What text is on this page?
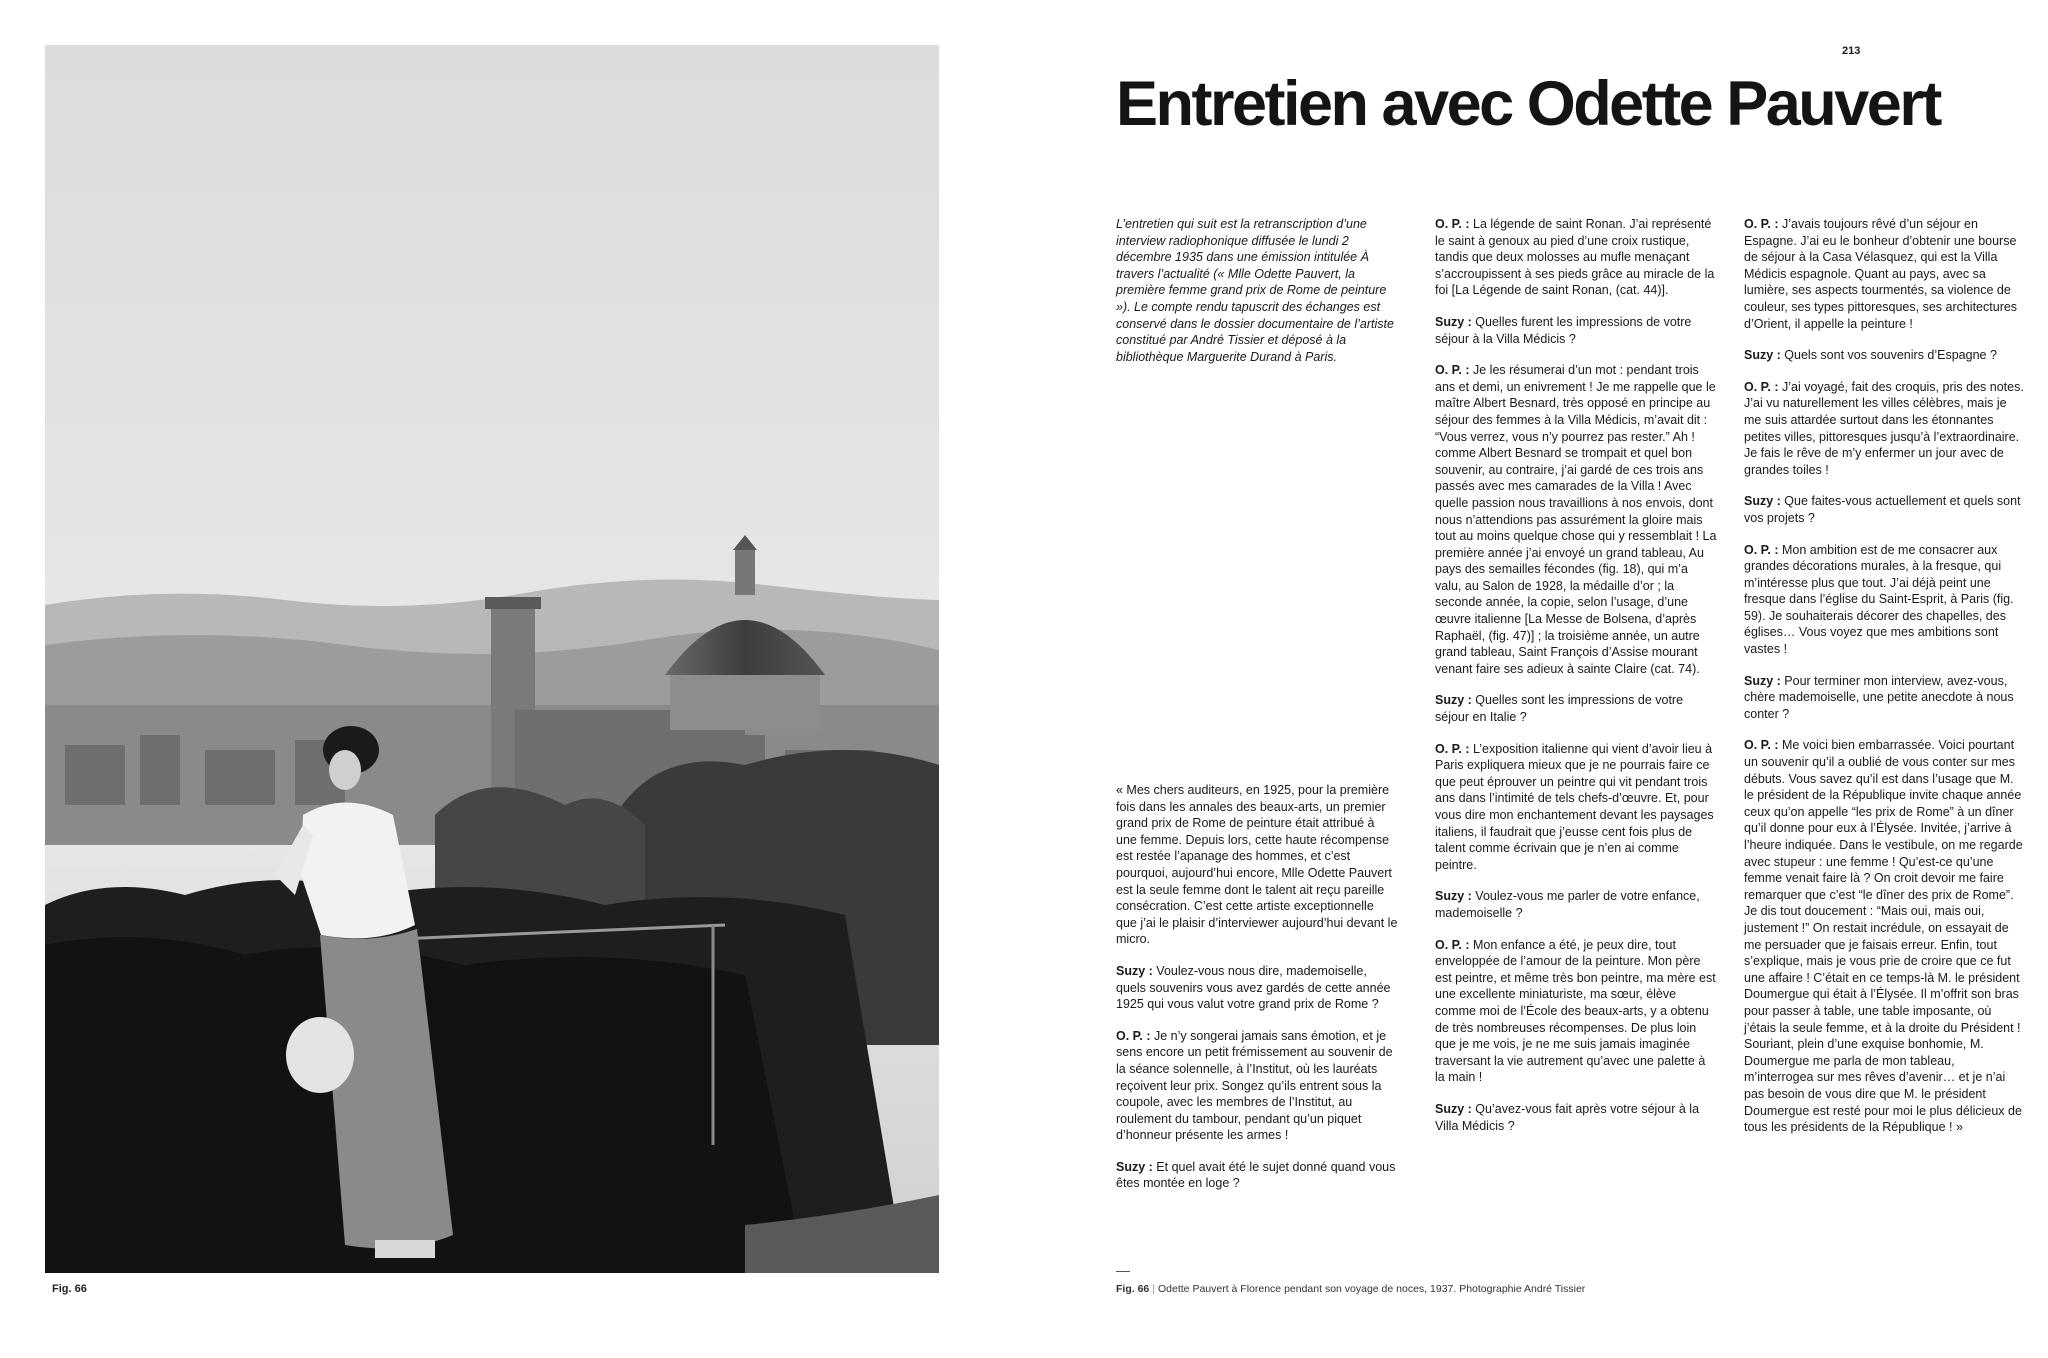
Fig. 66
213
Entretien avec Odette Pauvert

L’entretien qui suit est la retranscription d’une interview radiophonique diffusée le lundi 2 décembre 1935 dans une émission intitulée À travers l’actualité (« Mlle Odette Pauvert, la première femme grand prix de Rome de peinture »). Le compte rendu tapuscrit des échanges est conservé dans le dossier documentaire de l’artiste constitué par André Tissier et déposé à la bibliothèque Marguerite Durand à Paris.

« Mes chers auditeurs, en 1925, pour la première fois dans les annales des beaux-arts, un premier grand prix de Rome de peinture était attribué à une femme. Depuis lors, cette haute récompense est restée l’apanage des hommes, et c’est pourquoi, aujourd’hui encore, Mlle Odette Pauvert est la seule femme dont le talent ait reçu pareille consécration. C’est cette artiste exceptionnelle que j’ai le plaisir d’interviewer aujourd’hui devant le micro.

Suzy : Voulez-vous nous dire, mademoiselle, quels souvenirs vous avez gardés de cette année 1925 qui vous valut votre grand prix de Rome ?

O. P. : Je n’y songerai jamais sans émotion, et je sens encore un petit frémissement au souvenir de la séance solennelle, à l’Institut, où les lauréats reçoivent leur prix. Songez qu’ils entrent sous la coupole, avec les membres de l’Institut, au roulement du tambour, pendant qu’un piquet d’honneur présente les armes !

Suzy : Et quel avait été le sujet donné quand vous êtes montée en loge ?

O. P. : La légende de saint Ronan. J’ai représenté le saint à genoux au pied d’une croix rustique, tandis que deux molosses au mufle menaçant s’accroupissent à ses pieds grâce au miracle de la foi [La Légende de saint Ronan, (cat. 44)].

Suzy : Quelles furent les impressions de votre séjour à la Villa Médicis ?

O. P. : Je les résumerai d’un mot : pendant trois ans et demi, un enivrement ! Je me rappelle que le maître Albert Besnard, très opposé en principe au séjour des femmes à la Villa Médicis, m’avait dit : “Vous verrez, vous n’y pourrez pas rester.” Ah ! comme Albert Besnard se trompait et quel bon souvenir, au contraire, j’ai gardé de ces trois ans passés avec mes camarades de la Villa ! Avec quelle passion nous travaillions à nos envois, dont nous n’attendions pas assurément la gloire mais tout au moins quelque chose qui y ressemblait ! La première année j’ai envoyé un grand tableau, Au pays des semailles fécondes (fig. 18), qui m’a valu, au Salon de 1928, la médaille d’or ; la seconde année, la copie, selon l’usage, d’une œuvre italienne [La Messe de Bolsena, d’après Raphaël, (fig. 47)] ; la troisième année, un autre grand tableau, Saint François d’Assise mourant venant faire ses adieux à sainte Claire (cat. 74).

Suzy : Quelles sont les impressions de votre séjour en Italie ?

O. P. : L’exposition italienne qui vient d’avoir lieu à Paris expliquera mieux que je ne pourrais faire ce que peut éprouver un peintre qui vit pendant trois ans dans l’intimité de tels chefs-d’œuvre. Et, pour vous dire mon enchantement devant les paysages italiens, il faudrait que j’eusse cent fois plus de talent comme écrivain que je n’en ai comme peintre.

Suzy : Voulez-vous me parler de votre enfance, mademoiselle ?

O. P. : Mon enfance a été, je peux dire, tout enveloppée de l’amour de la peinture. Mon père est peintre, et même très bon peintre, ma mère est une excellente miniaturiste, ma sœur, élève comme moi de l’École des beaux-arts, y a obtenu de très nombreuses récompenses. De plus loin que je me vois, je ne me suis jamais imaginée traversant la vie autrement qu’avec une palette à la main !

Suzy : Qu’avez-vous fait après votre séjour à la Villa Médicis ?

O. P. : J’avais toujours rêvé d’un séjour en Espagne. J’ai eu le bonheur d’obtenir une bourse de séjour à la Casa Vélasquez, qui est la Villa Médicis espagnole. Quant au pays, avec sa lumière, ses aspects tourmentés, sa violence de couleur, ses types pittoresques, ses architectures d’Orient, il appelle la peinture !

Suzy : Quels sont vos souvenirs d’Espagne ?

O. P. : J’ai voyagé, fait des croquis, pris des notes. J’ai vu naturellement les villes célèbres, mais je me suis attardée surtout dans les étonnantes petites villes, pittoresques jusqu’à l’extraordinaire. Je fais le rêve de m’y enfermer un jour avec de grandes toiles !

Suzy : Que faites-vous actuellement et quels sont vos projets ?

O. P. : Mon ambition est de me consacrer aux grandes décorations murales, à la fresque, qui m’intéresse plus que tout. J’ai déjà peint une fresque dans l’église du Saint-Esprit, à Paris (fig. 59). Je souhaiterais décorer des chapelles, des églises… Vous voyez que mes ambitions sont vastes !

Suzy : Pour terminer mon interview, avez-vous, chère mademoiselle, une petite anecdote à nous conter ?

O. P. : Me voici bien embarrassée. Voici pourtant un souvenir qu’il a oublié de vous conter sur mes débuts. Vous savez qu’il est dans l’usage que M. le président de la République invite chaque année ceux qu’on appelle “les prix de Rome” à un dîner qu’il donne pour eux à l’Élysée. Invitée, j’arrive à l’heure indiquée. Dans le vestibule, on me regarde avec stupeur : une femme ! Qu’est-ce qu’une femme venait faire là ? On croit devoir me faire remarquer que c’est “le dîner des prix de Rome”. Je dis tout doucement : “Mais oui, mais oui, justement !” On restait incrédule, on essayait de me persuader que je faisais erreur. Enfin, tout s’explique, mais je vous prie de croire que ce fut une affaire ! C’était en ce temps-là M. le président Doumergue qui était à l’Élysée. Il m’offrit son bras pour passer à table, une table imposante, où j’étais la seule femme, et à la droite du Président ! Souriant, plein d’une exquise bonhomie, M. Doumergue me parla de mon tableau, m’interrogea sur mes rêves d’avenir… et je n’ai pas besoin de vous dire que M. le président Doumergue est resté pour moi le plus délicieux de tous les présidents de la République ! »

Fig. 66 | Odette Pauvert à Florence pendant son voyage de noces, 1937. Photographie André Tissier
